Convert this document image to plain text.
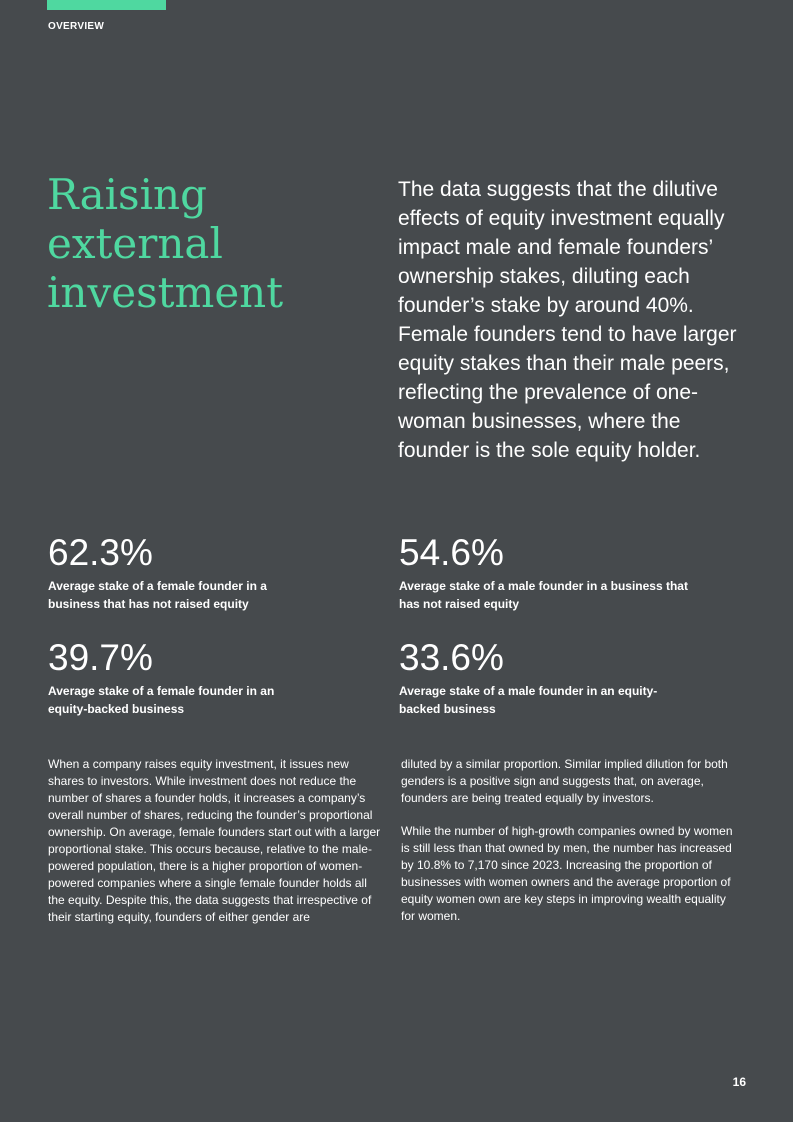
OVERVIEW
Raising external investment
The data suggests that the dilutive effects of equity investment equally impact male and female founders’ ownership stakes, diluting each founder’s stake by around 40%. Female founders tend to have larger equity stakes than their male peers, reflecting the prevalence of one-woman businesses, where the founder is the sole equity holder.
62.3%
Average stake of a female founder in a business that has not raised equity
54.6%
Average stake of a male founder in a business that has not raised equity
39.7%
Average stake of a female founder in an equity-backed business
33.6%
Average stake of a male founder in an equity-backed business

When a company raises equity investment, it issues new shares to investors. While investment does not reduce the number of shares a founder holds, it increases a company’s overall number of shares, reducing the founder’s proportional ownership. On average, female founders start out with a larger proportional stake. This occurs because, relative to the male-powered population, there is a higher proportion of women-powered companies where a single female founder holds all the equity. Despite this, the data suggests that irrespective of their starting equity, founders of either gender are

diluted by a similar proportion. Similar implied dilution for both genders is a positive sign and suggests that, on average, founders are being treated equally by investors.

While the number of high-growth companies owned by women is still less than that owned by men, the number has increased by 10.8% to 7,170 since 2023. Increasing the proportion of businesses with women owners and the average proportion of equity women own are key steps in improving wealth equality for women.

16
